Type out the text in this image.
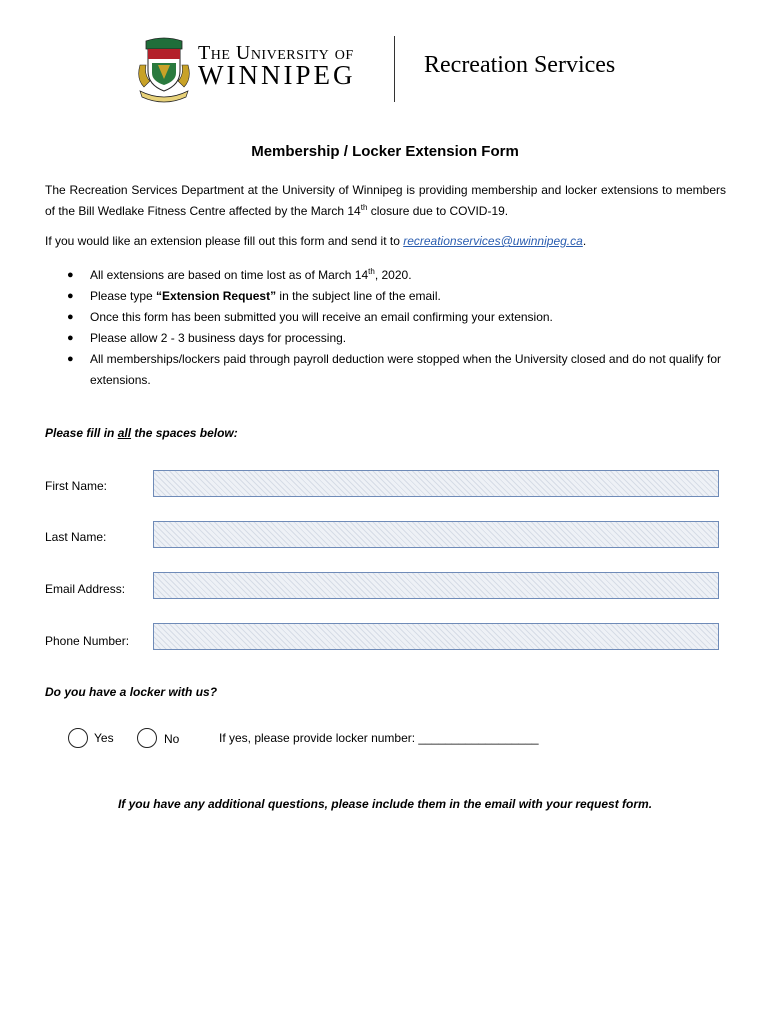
The University of
WINNIPEG	Recreation Services
Membership / Locker Extension Form
The Recreation Services Department at the University of Winnipeg is providing membership and locker extensions to members of the Bill Wedlake Fitness Centre affected by the March 14th closure due to COVID-19.
If you would like an extension please fill out this form and send it to recreationservices@uwinnipeg.ca.
● All extensions are based on time lost as of March 14th, 2020.
● Please type “Extension Request” in the subject line of the email.
● Once this form has been submitted you will receive an email confirming your extension.
● Please allow 2 - 3 business days for processing.
● All memberships/lockers paid through payroll deduction were stopped when the University closed and do not qualify for extensions.
Please fill in all the spaces below:
First Name:
Last Name:
Email Address:
Phone Number:
Do you have a locker with us?
Yes	No	If yes, please provide locker number: __________________
If you have any additional questions, please include them in the email with your request form.
